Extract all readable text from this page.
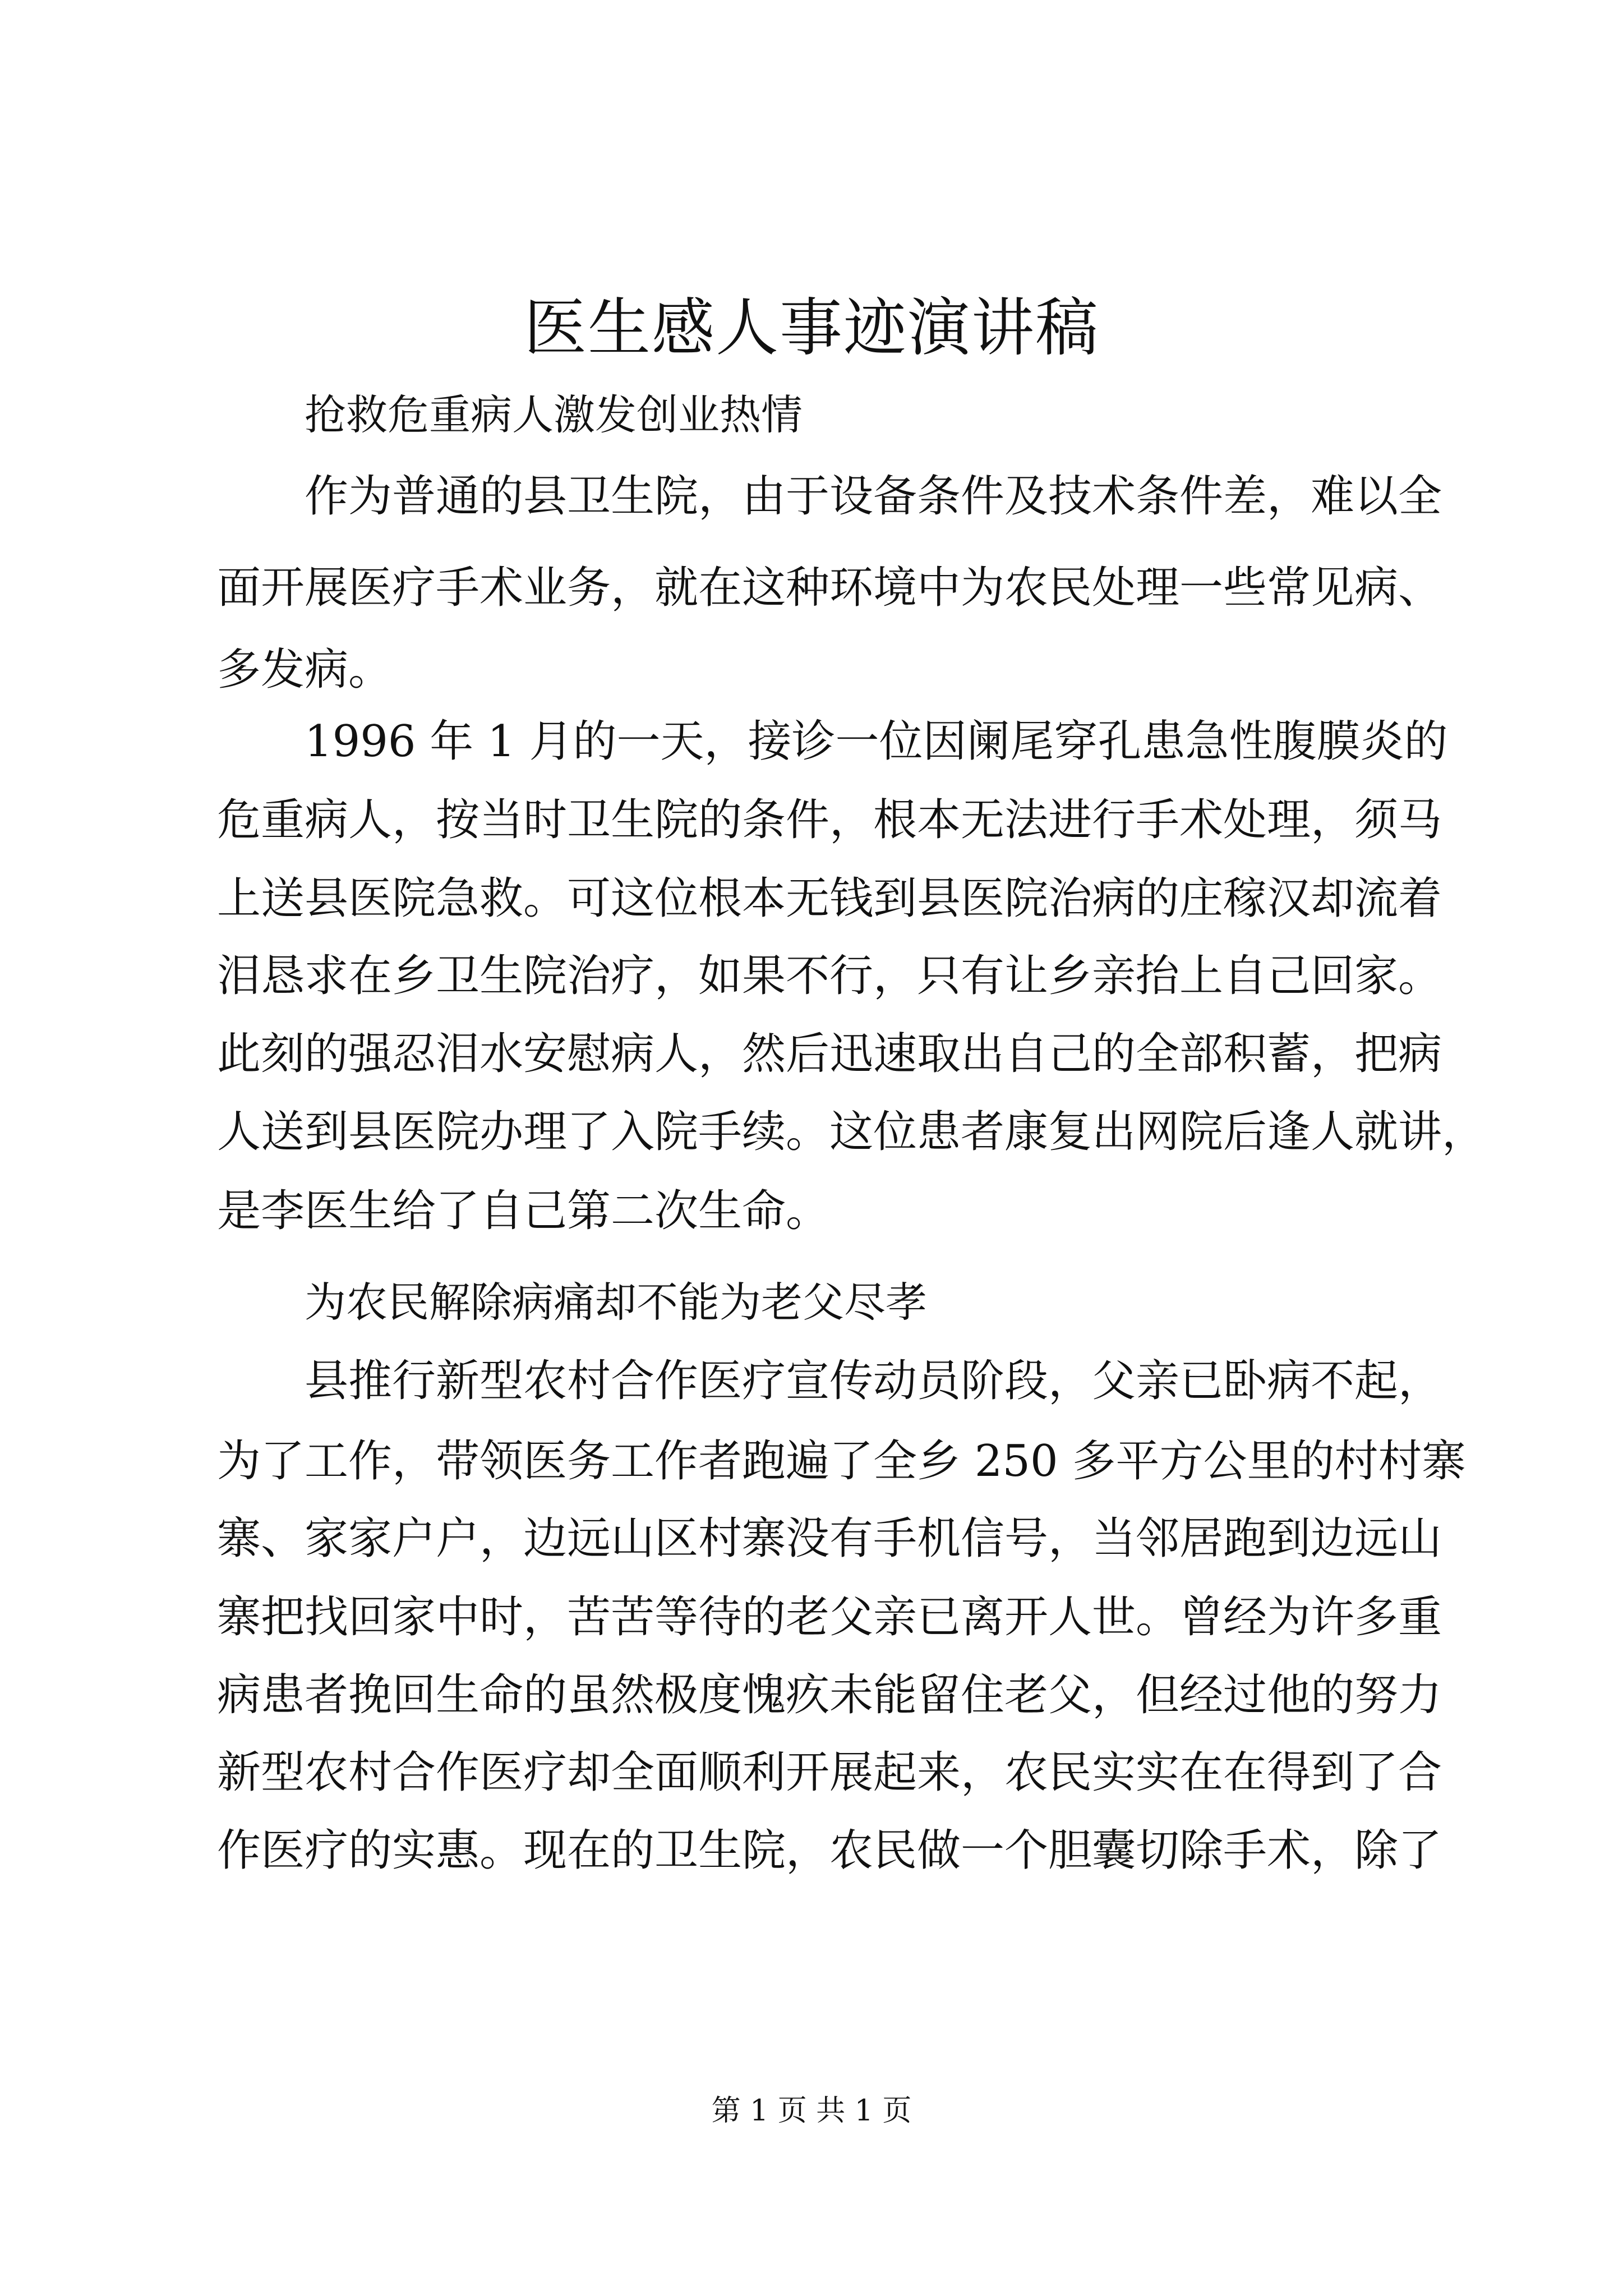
医生感人事迹演讲稿
抢救危重病人激发创业热情
作为普通的县卫生院，由于设备条件及技术条件差，难以全
面开展医疗手术业务，就在这种环境中为农民处理一些常见病、
多发病。
1996 年 1 月的一天，接诊一位因阑尾穿孔患急性腹膜炎的
危重病人，按当时卫生院的条件，根本无法进行手术处理，须马
上送县医院急救。可这位根本无钱到县医院治病的庄稼汉却流着
泪恳求在乡卫生院治疗，如果不行，只有让乡亲抬上自己回家。
此刻的强忍泪水安慰病人，然后迅速取出自己的全部积蓄，把病
人送到县医院办理了入院手续。这位患者康复出网院后逢人就讲，
是李医生给了自己第二次生命。
为农民解除病痛却不能为老父尽孝
县推行新型农村合作医疗宣传动员阶段，父亲已卧病不起，
为了工作，带领医务工作者跑遍了全乡 250 多平方公里的村村寨
寨、家家户户，边远山区村寨没有手机信号，当邻居跑到边远山
寨把找回家中时，苦苦等待的老父亲已离开人世。曾经为许多重
病患者挽回生命的虽然极度愧疚未能留住老父，但经过他的努力
新型农村合作医疗却全面顺利开展起来，农民实实在在得到了合
作医疗的实惠。现在的卫生院，农民做一个胆囊切除手术，除了
第 1 页 共 1 页
